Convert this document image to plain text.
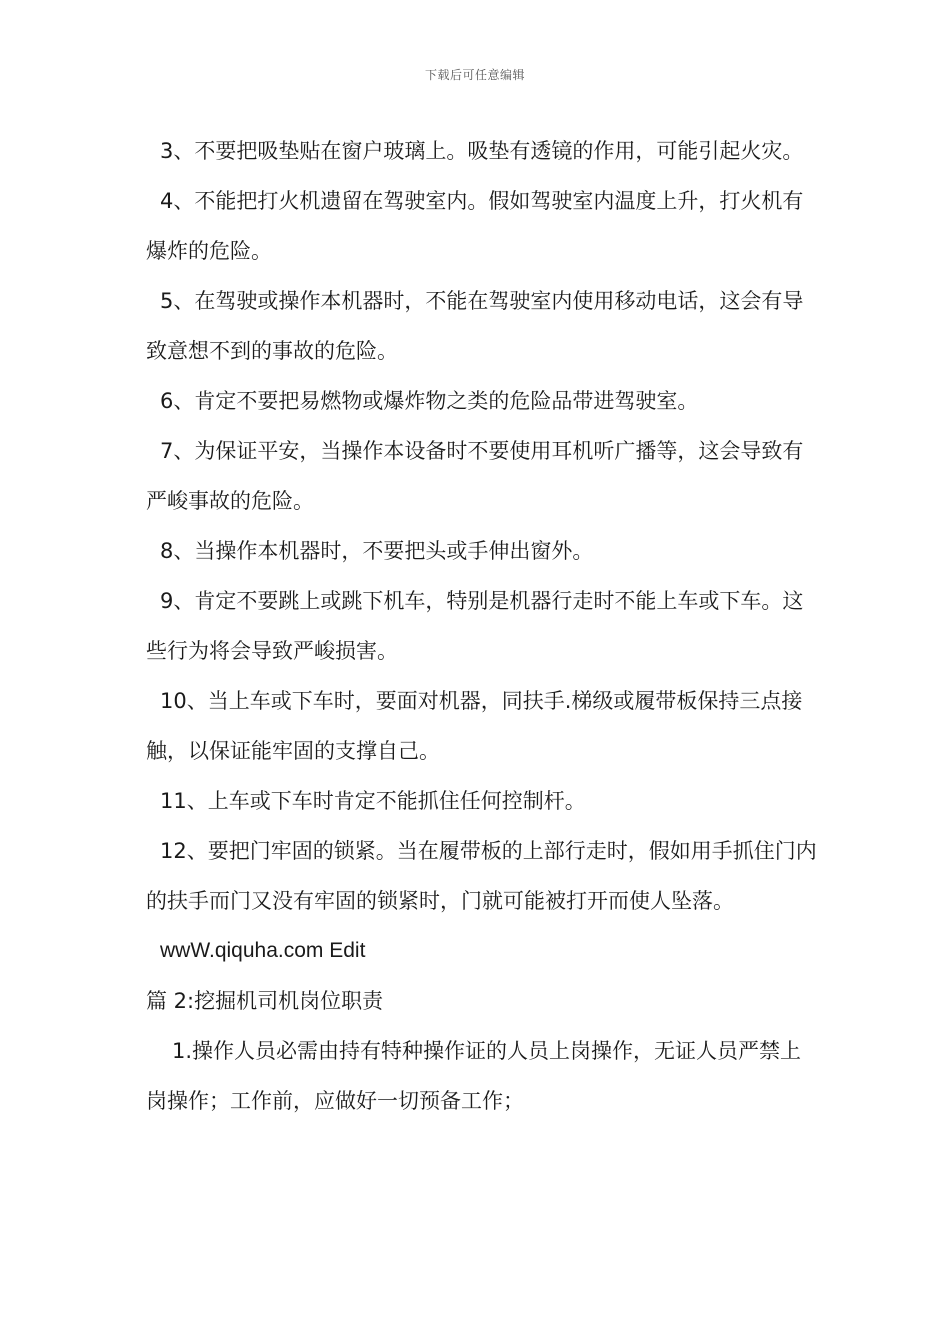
下载后可任意编辑

3、不要把吸垫贴在窗户玻璃上。吸垫有透镜的作用，可能引起火灾。

4、不能把打火机遗留在驾驶室内。假如驾驶室内温度上升，打火机有爆炸的危险。

5、在驾驶或操作本机器时，不能在驾驶室内使用移动电话，这会有导致意想不到的事故的危险。

6、肯定不要把易燃物或爆炸物之类的危险品带进驾驶室。

7、为保证平安，当操作本设备时不要使用耳机听广播等，这会导致有严峻事故的危险。

8、当操作本机器时，不要把头或手伸出窗外。

9、肯定不要跳上或跳下机车，特别是机器行走时不能上车或下车。这些行为将会导致严峻损害。

10、当上车或下车时，要面对机器，同扶手.梯级或履带板保持三点接触，以保证能牢固的支撑自己。

11、上车或下车时肯定不能抓住任何控制杆。

12、要把门牢固的锁紧。当在履带板的上部行走时，假如用手抓住门内的扶手而门又没有牢固的锁紧时，门就可能被打开而使人坠落。

wwW.qiquha.com Edit

篇 2:挖掘机司机岗位职责

1.操作人员必需由持有特种操作证的人员上岗操作，无证人员严禁上岗操作；工作前，应做好一切预备工作；
